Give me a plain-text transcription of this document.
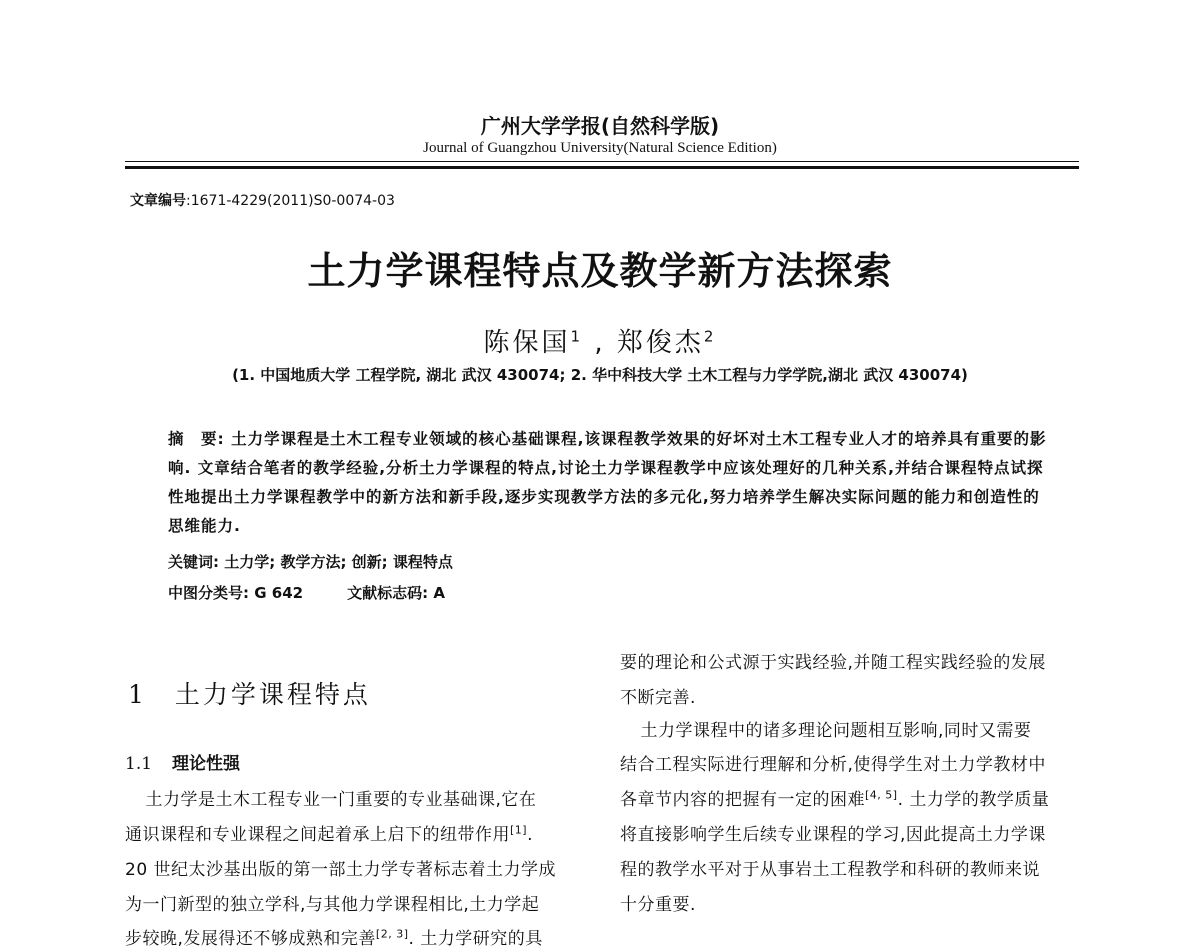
广州大学学报(自然科学版)
Journal of Guangzhou University(Natural Science Edition)
文章编号:1671-4229(2011)S0-0074-03
土力学课程特点及教学新方法探索
陈保国$^1$ , 郑俊杰$^2$
(1. 中国地质大学 工程学院, 湖北 武汉 430074; 2. 华中科技大学 土木工程与力学学院,湖北 武汉 430074)
摘　要: 土力学课程是土木工程专业领域的核心基础课程,该课程教学效果的好坏对土木工程专业人才的培养具有重要的影响. 文章结合笔者的教学经验,分析土力学课程的特点,讨论土力学课程教学中应该处理好的几种关系,并结合课程特点试探性地提出土力学课程教学中的新方法和新手段,逐步实现教学方法的多元化,努力培养学生解决实际问题的能力和创造性的思维能力.
关键词: 土力学; 教学方法; 创新; 课程特点
中图分类号: G 642	文献标志码: A
1 土力学课程特点
1.1 理论性强
　土力学是土木工程专业一门重要的专业基础课,它在
通识课程和专业课程之间起着承上启下的纽带作用[1].
20 世纪太沙基出版的第一部土力学专著标志着土力学成
为一门新型的独立学科,与其他力学课程相比,土力学起
步较晚,发展得还不够成熟和完善[2, 3]. 土力学研究的具
要的理论和公式源于实践经验,并随工程实践经验的发展
不断完善.
　土力学课程中的诸多理论问题相互影响,同时又需要
结合工程实际进行理解和分析,使得学生对土力学教材中
各章节内容的把握有一定的困难[4, 5]. 土力学的教学质量
将直接影响学生后续专业课程的学习,因此提高土力学课
程的教学水平对于从事岩土工程教学和科研的教师来说
十分重要.
